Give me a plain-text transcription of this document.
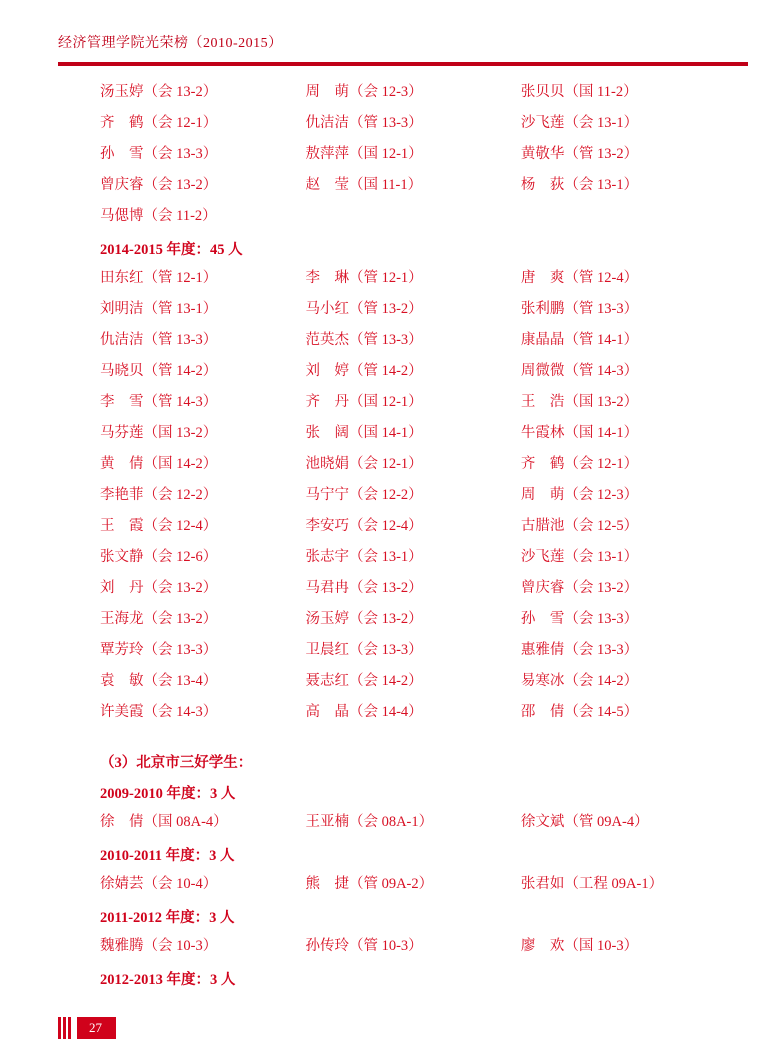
经济管理学院光荣榜（2010-2015）
汤玉婷（会 13-2）	周　萌（会 12-3）	张贝贝（国 11-2）
齐　鹤（会 12-1）	仇洁洁（管 13-3）	沙飞莲（会 13-1）
孙　雪（会 13-3）	敖萍萍（国 12-1）	黄敬华（管 13-2）
曾庆睿（会 13-2）	赵　莹（国 11-1）	杨　荻（会 13-1）
马偲博（会 11-2）
2014-2015 年度：45 人
田东红（管 12-1）	李　琳（管 12-1）	唐　爽（管 12-4）
刘明洁（管 13-1）	马小红（管 13-2）	张利鹏（管 13-3）
仇洁洁（管 13-3）	范英杰（管 13-3）	康晶晶（管 14-1）
马晓贝（管 14-2）	刘　婷（管 14-2）	周微微（管 14-3）
李　雪（管 14-3）	齐　丹（国 12-1）	王　浩（国 13-2）
马芬莲（国 13-2）	张　阔（国 14-1）	牛霞林（国 14-1）
黄　倩（国 14-2）	池晓娟（会 12-1）	齐　鹤（会 12-1）
李艳菲（会 12-2）	马宁宁（会 12-2）	周　萌（会 12-3）
王　霞（会 12-4）	李安巧（会 12-4）	古腊池（会 12-5）
张文静（会 12-6）	张志宇（会 13-1）	沙飞莲（会 13-1）
刘　丹（会 13-2）	马君冉（会 13-2）	曾庆睿（会 13-2）
王海龙（会 13-2）	汤玉婷（会 13-2）	孙　雪（会 13-3）
覃芳玲（会 13-3）	卫晨红（会 13-3）	惠雅倩（会 13-3）
袁　敏（会 13-4）	聂志红（会 14-2）	易寒冰（会 14-2）
许美霞（会 14-3）	高　晶（会 14-4）	邵　倩（会 14-5）
（3）北京市三好学生：
2009-2010 年度：3 人
徐　倩（国 08A-4）	王亚楠（会 08A-1）	徐文斌（管 09A-4）
2010-2011 年度：3 人
徐婧芸（会 10-4）	熊　捷（管 09A-2）	张君如（工程 09A-1）
2011-2012 年度：3 人
魏雅腾（会 10-3）	孙传玲（管 10-3）	廖　欢（国 10-3）
2012-2013 年度：3 人
27
